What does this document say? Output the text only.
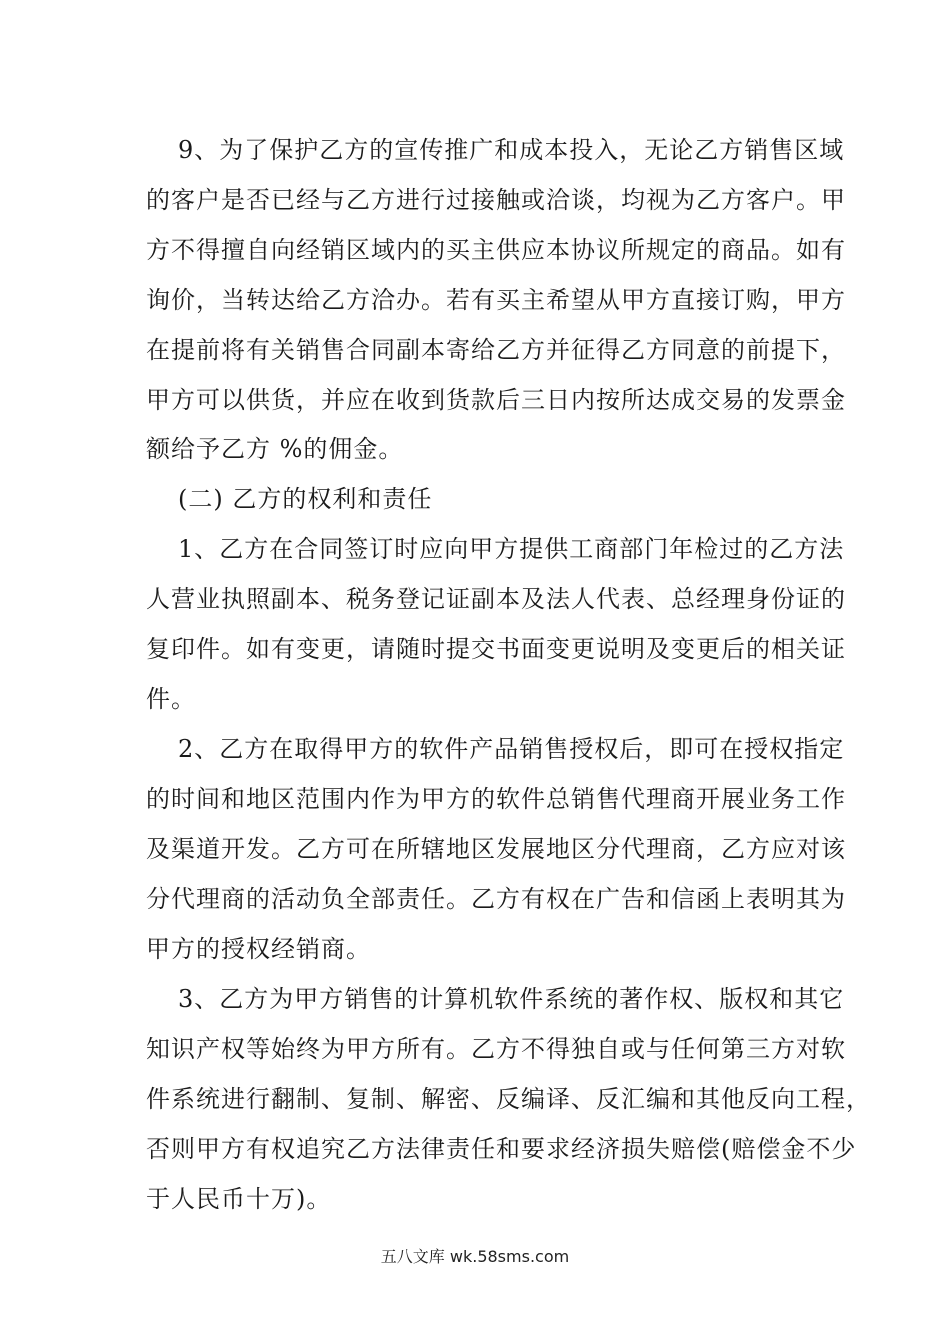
9、为了保护乙方的宣传推广和成本投入，无论乙方销售区域
的客户是否已经与乙方进行过接触或洽谈，均视为乙方客户。甲
方不得擅自向经销区域内的买主供应本协议所规定的商品。如有
询价，当转达给乙方洽办。若有买主希望从甲方直接订购，甲方
在提前将有关销售合同副本寄给乙方并征得乙方同意的前提下，
甲方可以供货，并应在收到货款后三日内按所达成交易的发票金
额给予乙方 %的佣金。
(二) 乙方的权利和责任
1、乙方在合同签订时应向甲方提供工商部门年检过的乙方法
人营业执照副本、税务登记证副本及法人代表、总经理身份证的
复印件。如有变更，请随时提交书面变更说明及变更后的相关证
件。
2、乙方在取得甲方的软件产品销售授权后，即可在授权指定
的时间和地区范围内作为甲方的软件总销售代理商开展业务工作
及渠道开发。乙方可在所辖地区发展地区分代理商，乙方应对该
分代理商的活动负全部责任。乙方有权在广告和信函上表明其为
甲方的授权经销商。
3、乙方为甲方销售的计算机软件系统的著作权、版权和其它
知识产权等始终为甲方所有。乙方不得独自或与任何第三方对软
件系统进行翻制、复制、解密、反编译、反汇编和其他反向工程，
否则甲方有权追究乙方法律责任和要求经济损失赔偿(赔偿金不少
于人民币十万)。
五八文库 wk.58sms.com
